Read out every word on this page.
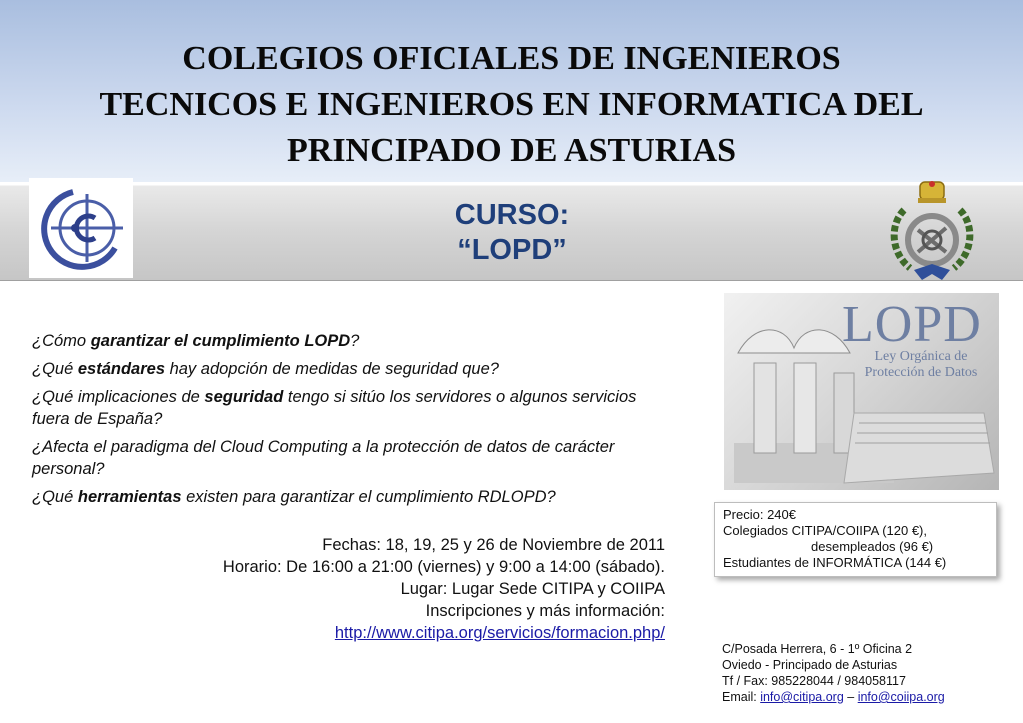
COLEGIOS OFICIALES DE INGENIEROS
TECNICOS E INGENIEROS EN INFORMATICA DEL
PRINCIPADO DE ASTURIAS
CURSO:
“LOPD”
LOPD
Ley Orgánica de
Protección de Datos
¿Cómo garantizar el cumplimiento LOPD?
¿Qué estándares hay adopción de medidas de seguridad que?
¿Qué implicaciones de seguridad tengo si sitúo los servidores o algunos servicios fuera de España?
¿Afecta el paradigma del Cloud Computing a la protección de datos de carácter personal?
¿Qué herramientas existen para garantizar el cumplimiento RDLOPD?
Fechas: 18, 19, 25 y 26 de Noviembre de 2011
Horario: De 16:00 a 21:00 (viernes) y 9:00 a 14:00 (sábado).
Lugar: Lugar Sede CITIPA y COIIPA
Inscripciones y más información:
http://www.citipa.org/servicios/formacion.php/
Precio: 240€
Colegiados CITIPA/COIIPA (120 €),
desempleados (96 €)
Estudiantes de INFORMÁTICA (144 €)
C/Posada Herrera, 6 - 1º Oficina 2
Oviedo - Principado de Asturias
Tf / Fax: 985228044 / 984058117
Email: info@citipa.org – info@coiipa.org
